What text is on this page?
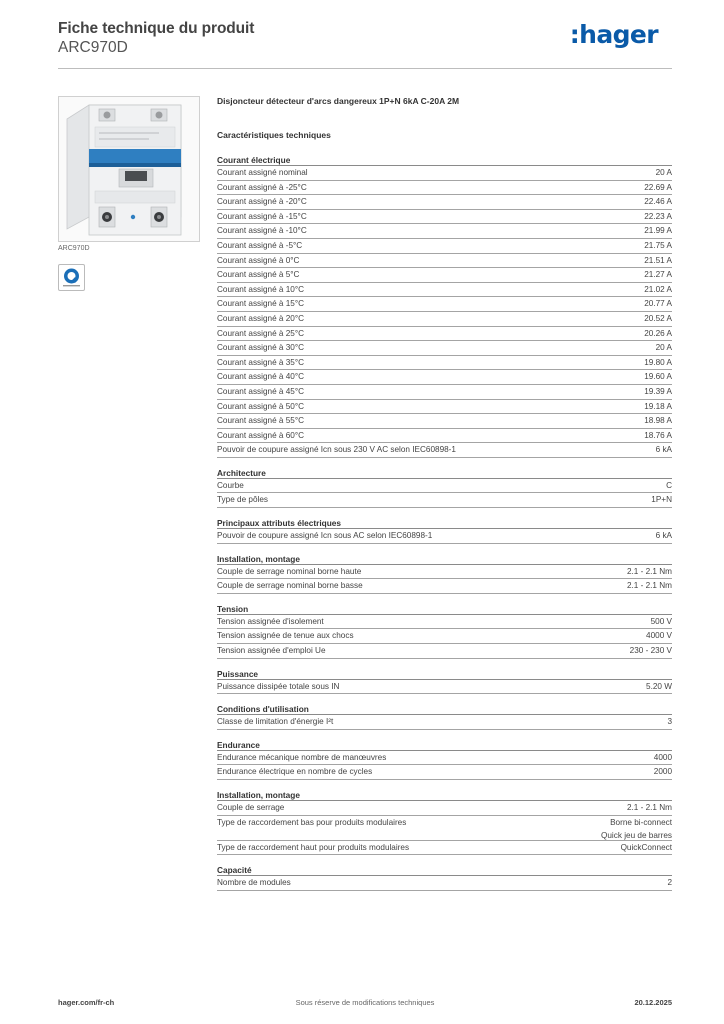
Fiche technique du produit
ARC970D	:hager
ARC970D
Disjoncteur détecteur d'arcs dangereux 1P+N 6kA C-20A 2M
Caractéristiques techniques
Courant électrique
Courant assigné nominal	20 A
Courant assigné à -25°C	22.69 A
Courant assigné à -20°C	22.46 A
Courant assigné à -15°C	22.23 A
Courant assigné à -10°C	21.99 A
Courant assigné à -5°C	21.75 A
Courant assigné à 0°C	21.51 A
Courant assigné à 5°C	21.27 A
Courant assigné à 10°C	21.02 A
Courant assigné à 15°C	20.77 A
Courant assigné à 20°C	20.52 A
Courant assigné à 25°C	20.26 A
Courant assigné à 30°C	20 A
Courant assigné à 35°C	19.80 A
Courant assigné à 40°C	19.60 A
Courant assigné à 45°C	19.39 A
Courant assigné à 50°C	19.18 A
Courant assigné à 55°C	18.98 A
Courant assigné à 60°C	18.76 A
Pouvoir de coupure assigné Icn sous 230 V AC selon IEC60898-1	6 kA
Architecture
Courbe	C
Type de pôles	1P+N
Principaux attributs électriques
Pouvoir de coupure assigné Icn sous AC selon IEC60898-1	6 kA
Installation, montage
Couple de serrage nominal borne haute	2.1 - 2.1 Nm
Couple de serrage nominal borne basse	2.1 - 2.1 Nm
Tension
Tension assignée d'isolement	500 V
Tension assignée de tenue aux chocs	4000 V
Tension assignée d'emploi Ue	230 - 230 V
Puissance
Puissance dissipée totale sous IN	5.20 W
Conditions d'utilisation
Classe de limitation d'énergie I²t	3
Endurance
Endurance mécanique nombre de manœuvres	4000
Endurance électrique en nombre de cycles	2000
Installation, montage
Couple de serrage	2.1 - 2.1 Nm
Type de raccordement bas pour produits modulaires	Borne bi-connect
Quick jeu de barres
Type de raccordement haut pour produits modulaires	QuickConnect
Capacité
Nombre de modules	2
hager.com/fr-ch	Sous réserve de modifications techniques	20.12.2025
